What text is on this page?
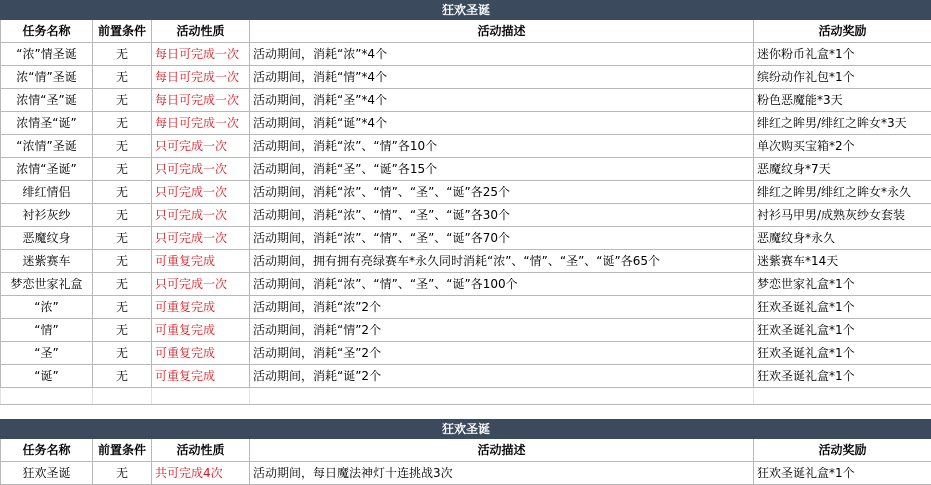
狂欢圣诞				
任务名称	前置条件	活动性质	活动描述	活动奖励
“浓”情圣诞	无	每日可完成一次	活动期间，消耗“浓”*4个	迷你粉币礼盒*1个
浓“情”圣诞	无	每日可完成一次	活动期间，消耗“情”*4个	缤纷动作礼包*1个
浓情“圣”诞	无	每日可完成一次	活动期间，消耗“圣”*4个	粉色恶魔能*3天
浓情圣“诞”	无	每日可完成一次	活动期间，消耗“诞”*4个	绯红之眸男/绯红之眸女*3天
“浓情”圣诞	无	只可完成一次	活动期间，消耗“浓”、“情”各10个	单次购买宝箱*2个
浓情“圣诞”	无	只可完成一次	活动期间，消耗“圣”、“诞”各15个	恶魔纹身*7天
绯红情侣	无	只可完成一次	活动期间，消耗“浓”、“情”、“圣”、“诞”各25个	绯红之眸男/绯红之眸女*永久
衬衫灰纱	无	只可完成一次	活动期间，消耗“浓”、“情”、“圣”、“诞”各30个	衬衫马甲男/成熟灰纱女套装
恶魔纹身	无	只可完成一次	活动期间，消耗“浓”、“情”、“圣”、“诞”各70个	恶魔纹身*永久
迷紫赛车	无	可重复完成	活动期间，拥有拥有亮绿赛车*永久同时消耗“浓”、“情”、“圣”、“诞”各65个	迷紫赛车*14天
梦恋世家礼盒	无	只可完成一次	活动期间，消耗“浓”、“情”、“圣”、“诞”各100个	梦恋世家礼盒*1个
“浓”	无	可重复完成	活动期间，消耗“浓”2个	狂欢圣诞礼盒*1个
“情”	无	可重复完成	活动期间，消耗“情”2个	狂欢圣诞礼盒*1个
“圣”	无	可重复完成	活动期间，消耗“圣”2个	狂欢圣诞礼盒*1个
“诞”	无	可重复完成	活动期间，消耗“诞”2个	狂欢圣诞礼盒*1个

狂欢圣诞				
任务名称	前置条件	活动性质	活动描述	活动奖励
狂欢圣诞	无	共可完成4次	活动期间，每日魔法神灯十连挑战3次	狂欢圣诞礼盒*1个
